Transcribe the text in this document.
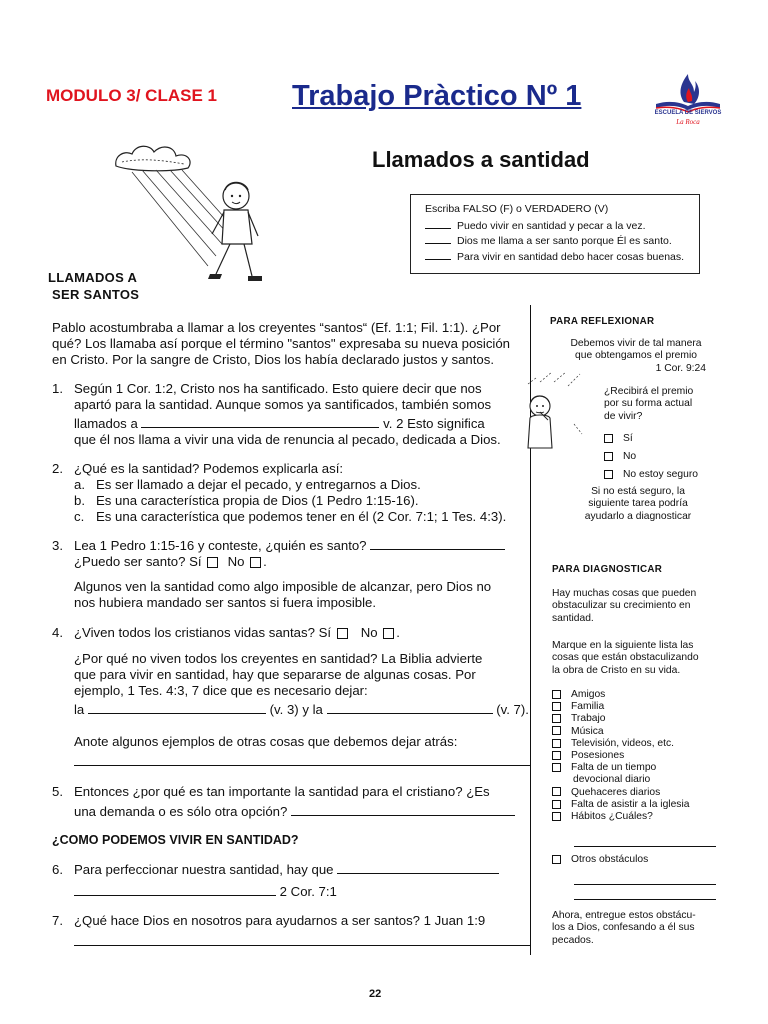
MODULO 3/ CLASE 1	Trabajo Pràctico Nº 1
Llamados a santidad
ESCUELA DE SIERVOS
La Roca
Escriba FALSO (F) o VERDADERO (V)
Puedo vivir en santidad y pecar a la vez.
Dios me llama a ser santo porque Él es santo.
Para vivir en santidad debo hacer cosas buenas.
LLAMADOS A
SER SANTOS
Pablo acostumbraba a llamar a los creyentes “santos“ (Ef. 1:1; Fil. 1:1). ¿Por
qué? Los llamaba así porque el término "santos" expresaba su nueva posición
en Cristo. Por la sangre de Cristo, Dios los había declarado justos y santos.
1. Según 1 Cor. 1:2, Cristo nos ha santificado. Esto quiere decir que nos
apartó para la santidad. Aunque somos ya santificados, también somos
llamados a	v. 2 Esto significa
que él nos llama a vivir una vida de renuncia al pecado, dedicada a Dios.
2. ¿Qué es la santidad? Podemos explicarla así:
a. Es ser llamado a dejar el pecado, y entregarnos a Dios.
b. Es una característica propia de Dios (1 Pedro 1:15-16).
c. Es una característica que podemos tener en él (2 Cor. 7:1; 1 Tes. 4:3).
3. Lea 1 Pedro 1:15-16 y conteste, ¿quién es santo?
¿Puedo ser santo? Sí No .
Algunos ven la santidad como algo imposible de alcanzar, pero Dios no
nos hubiera mandado ser santos si fuera imposible.
4. ¿Viven todos los cristianos vidas santas? Sí No .
¿Por qué no viven todos los creyentes en santidad? La Biblia advierte
que para vivir en santidad, hay que separarse de algunas cosas. Por
ejemplo, 1 Tes. 4:3, 7 dice que es necesario dejar:
la	(v. 3) y la	(v. 7).
Anote algunos ejemplos de otras cosas que debemos dejar atrás:
5. Entonces ¿por qué es tan importante la santidad para el cristiano? ¿Es
una demanda o es sólo otra opción?
¿COMO PODEMOS VIVIR EN SANTIDAD?
6. Para perfeccionar nuestra santidad, hay que
2 Cor. 7:1
7. ¿Qué hace Dios en nosotros para ayudarnos a ser santos? 1 Juan 1:9
PARA REFLEXIONAR
Debemos vivir de tal manera
que obtengamos el premio
1 Cor. 9:24
¿Recibirá el premio
por su forma actual
de vivir?
Sí
No
No estoy seguro
Si no está seguro, la
siguiente tarea podría
ayudarlo a diagnosticar
PARA DIAGNOSTICAR
Hay muchas cosas que pueden
obstaculizar su crecimiento en
santidad.
Marque en la siguiente lista las
cosas que están obstaculizando
la obra de Cristo en su vida.
Amigos
Familia
Trabajo
Música
Televisión, videos, etc.
Posesiones
Falta de un tiempo
devocional diario
Quehaceres diarios
Falta de asistir a la iglesia
Hábitos ¿Cuáles?
Otros obstáculos
Ahora, entregue estos obstácu-
los a Dios, confesando a él sus
pecados.
22
